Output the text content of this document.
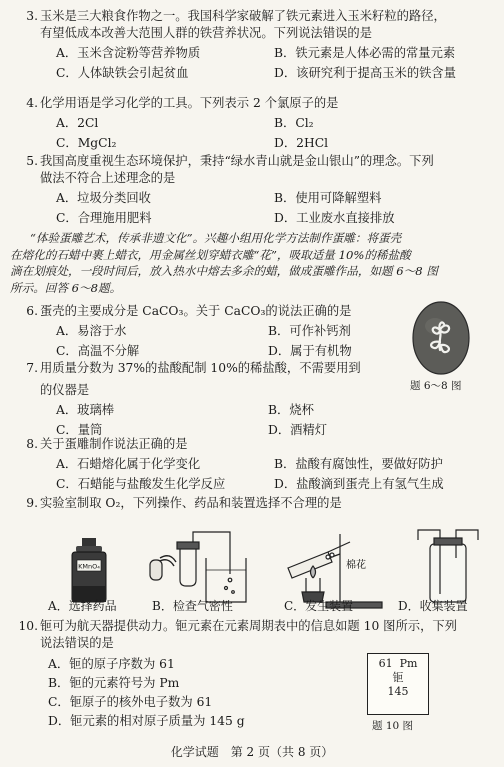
3. 玉米是三大粮食作物之一。我国科学家破解了铁元素进入玉米籽粒的路径，
有望低成本改善大范围人群的铁营养状况。下列说法错误的是
A．玉米含淀粉等营养物质	B．铁元素是人体必需的常量元素
C．人体缺铁会引起贫血	D．该研究利于提高玉米的铁含量
4. 化学用语是学习化学的工具。下列表示 2 个氯原子的是
A．2Cl	B．Cl₂
C．MgCl₂	D．2HCl
5. 我国高度重视生态环境保护，秉持“绿水青山就是金山银山”的理念。下列
做法不符合上述理念的是
A．垃圾分类回收	B．使用可降解塑料
C．合理施用肥料	D．工业废水直接排放
“体验蛋雕艺术，传承非遗文化”。兴趣小组用化学方法制作蛋雕：将蛋壳
在熔化的石蜡中裹上蜡衣，用金属丝划穿蜡衣雕“花”，吸取适量 10%的稀盐酸
滴在划痕处，一段时间后，放入热水中熔去多余的蜡，做成蛋雕作品，如题 6～8 图
所示。回答 6～8题。
6. 蛋壳的主要成分是 CaCO₃。关于 CaCO₃的说法正确的是
A．易溶于水	B．可作补钙剂
C．高温不分解	D．属于有机物
题 6～8 图
7. 用质量分数为 37%的盐酸配制 10%的稀盐酸，不需要用到
的仪器是
A．玻璃棒	B．烧杯
C．量筒	D．酒精灯
8. 关于蛋雕制作说法正确的是
A．石蜡熔化属于化学变化	B．盐酸有腐蚀性，要做好防护
C．石蜡能与盐酸发生化学反应	D．盐酸滴到蛋壳上有氢气生成
9. 实验室制取 O₂，下列操作、药品和装置选择不合理的是
KMnO₄	棉花
A．选择药品	B．检查气密性	C．发生装置	D．收集装置
10. 钷可为航天器提供动力。钷元素在元素周期表中的信息如题 10 图所示，下列
说法错误的是
A．钷的原子序数为 61
B．钷的元素符号为 Pm
C．钷原子的核外电子数为 61
D．钷元素的相对原子质量为 145 g
61 Pm
钷
145
题 10 图
化学试题　第 2 页（共 8 页）
